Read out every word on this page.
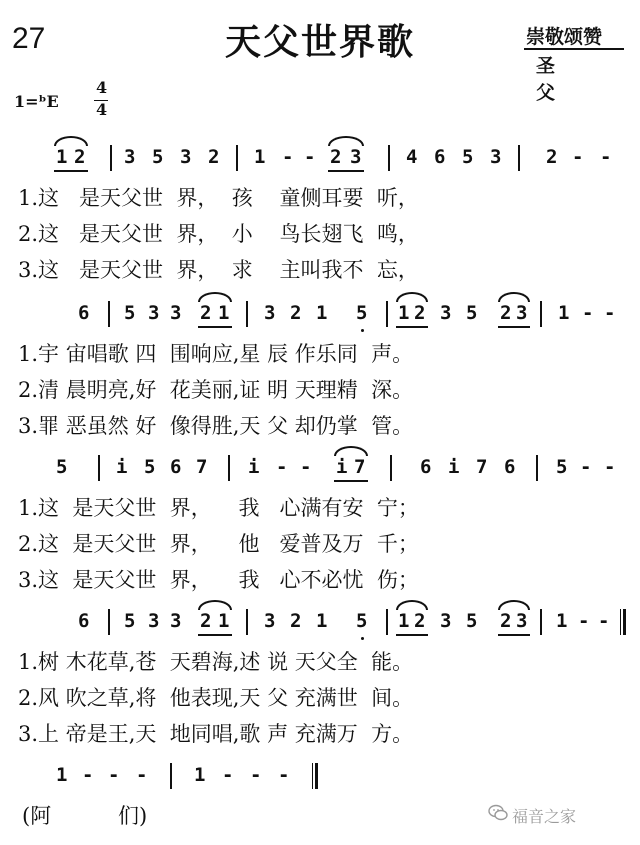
27	天父世界歌	崇敬颂赞
圣 父
1=ᵇE
4
4
1 2 3 5 3 2 1 - - 2 3 4 6 5 3 2 - -
1.这   是天父世  界，  孩    童侧耳要  听，
2.这   是天父世  界，  小    鸟长翅飞  鸣，
3.这   是天父世  界，  求    主叫我不  忘，
6 5 3 3 2 1 3 2 1 5 1 2 3 5 2 3 1 - -
1.宇 宙唱歌 四  围响应,星 辰 作乐同  声。
2.清 晨明亮,好  花美丽,证 明 天理精  深。
3.罪 恶虽然 好  像得胜,天 父 却仍掌  管。
5	i 5 6 7 i - - i 7	6 i 7 6 5 - -
1.这  是天父世  界，    我   心满有安  宁；
2.这  是天父世  界，    他   爱普及万  千；
3.这  是天父世  界，    我   心不必忧  伤；
6 5 3 3 2 1 3 2 1 5 1 2 3 5 2 3 1 - -
1.树 木花草,苍  天碧海,述 说 天父全  能。
2.风 吹之草,将  他表现,天 父 充满世  间。
3.上 帝是王,天  地同唱,歌 声 充满万  方。
1 - - - 1 - - -
(阿          们)	福音之家
